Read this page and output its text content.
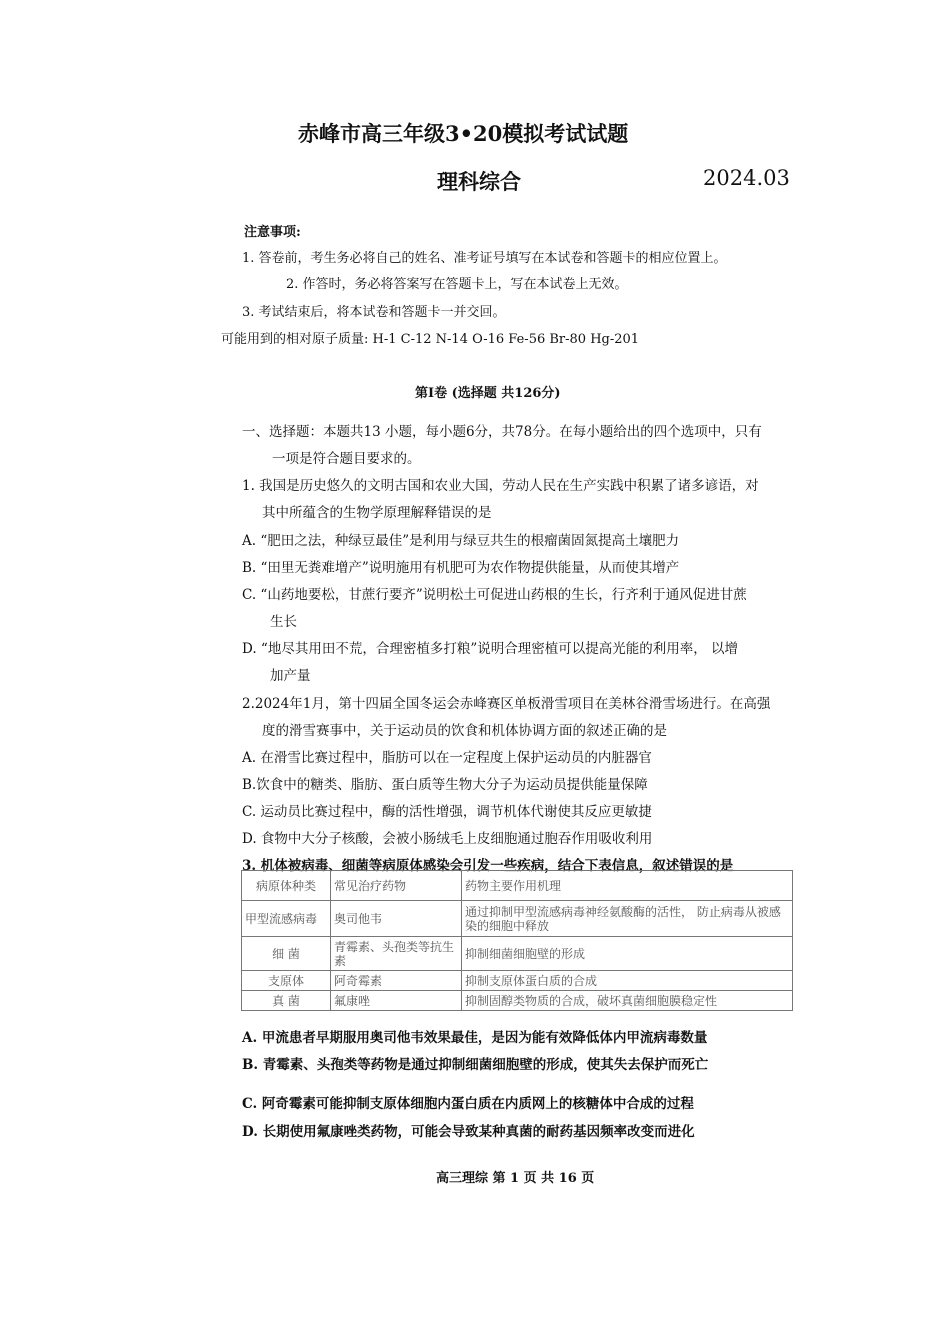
赤峰市高三年级3•20模拟考试试题
理科综合	2024.03
注意事项:
1. 答卷前，考生务必将自己的姓名、准考证号填写在本试卷和答题卡的相应位置上。
2. 作答时，务必将答案写在答题卡上，写在本试卷上无效。
3. 考试结束后，将本试卷和答题卡一并交回。
可能用到的相对原子质量: H-1 C-12 N-14 O-16 Fe-56 Br-80 Hg-201
第Ⅰ卷 (选择题 共126分)
一、选择题：本题共13 小题，每小题6分，共78分。在每小题给出的四个选项中，只有
一项是符合题目要求的。
1. 我国是历史悠久的文明古国和农业大国，劳动人民在生产实践中积累了诸多谚语，对
其中所蕴含的生物学原理解释错误的是
A. “肥田之法，种绿豆最佳”是利用与绿豆共生的根瘤菌固氮提高土壤肥力
B. “田里无粪难增产”说明施用有机肥可为农作物提供能量，从而使其增产
C. “山药地要松，甘蔗行要齐”说明松土可促进山药根的生长，行齐利于通风促进甘蔗
生长
D. “地尽其用田不荒，合理密植多打粮”说明合理密植可以提高光能的利用率， 以增
加产量
2.2024年1月，第十四届全国冬运会赤峰赛区单板滑雪项目在美林谷滑雪场进行。在高强
度的滑雪赛事中，关于运动员的饮食和机体协调方面的叙述正确的是
A. 在滑雪比赛过程中，脂肪可以在一定程度上保护运动员的内脏器官
B.饮食中的糖类、脂肪、蛋白质等生物大分子为运动员提供能量保障
C. 运动员比赛过程中，酶的活性增强，调节机体代谢使其反应更敏捷
D. 食物中大分子核酸，会被小肠绒毛上皮细胞通过胞吞作用吸收利用
3. 机体被病毒、细菌等病原体感染会引发一些疾病，结合下表信息，叙述错误的是
病原体种类	常见治疗药物	药物主要作用机理
甲型流感病毒	奥司他韦	通过抑制甲型流感病毒神经氨酸酶的活性， 防止病毒从被感染的细胞中释放
细 菌	青霉素、头孢类等抗生素	抑制细菌细胞壁的形成
支原体	阿奇霉素	抑制支原体蛋白质的合成
真 菌	氟康唑	抑制固醇类物质的合成，破坏真菌细胞膜稳定性
A. 甲流患者早期服用奥司他韦效果最佳，是因为能有效降低体内甲流病毒数量
B. 青霉素、头孢类等药物是通过抑制细菌细胞壁的形成，使其失去保护而死亡
C. 阿奇霉素可能抑制支原体细胞内蛋白质在内质网上的核糖体中合成的过程
D. 长期使用氟康唑类药物，可能会导致某种真菌的耐药基因频率改变而进化
高三理综 第 1 页 共 16 页
